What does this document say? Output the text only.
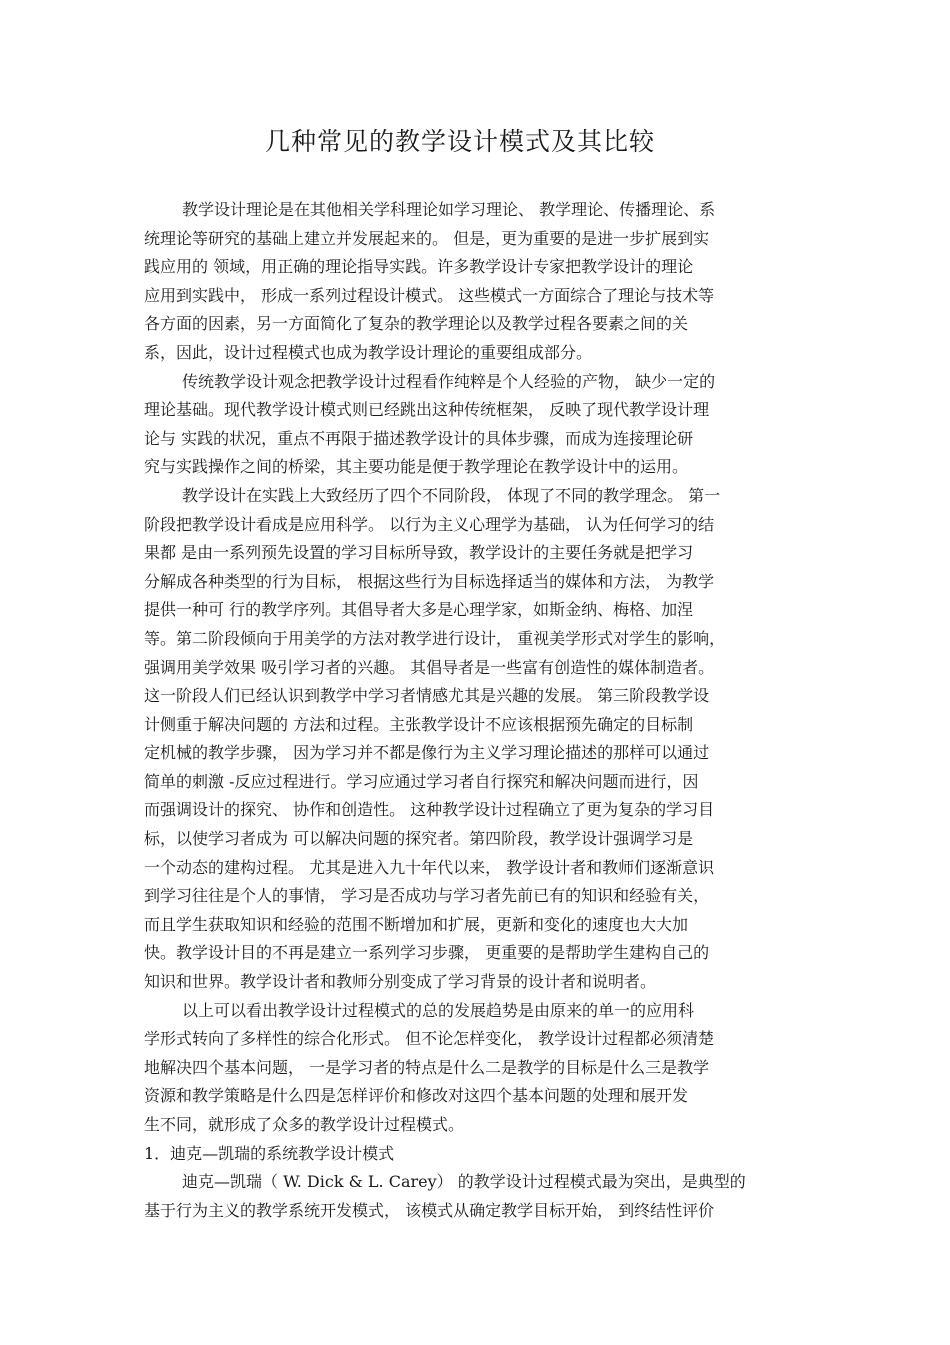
几种常见的教学设计模式及其比较
教学设计理论是在其他相关学科理论如学习理论、 教学理论、传播理论、系
统理论等研究的基础上建立并发展起来的。 但是，更为重要的是进一步扩展到实
践应用的 领域，用正确的理论指导实践。许多教学设计专家把教学设计的理论
应用到实践中， 形成一系列过程设计模式。 这些模式一方面综合了理论与技术等
各方面的因素，另一方面简化了复杂的教学理论以及教学过程各要素之间的关
系，因此，设计过程模式也成为教学设计理论的重要组成部分。
传统教学设计观念把教学设计过程看作纯粹是个人经验的产物， 缺少一定的
理论基础。现代教学设计模式则已经跳出这种传统框架， 反映了现代教学设计理
论与 实践的状况，重点不再限于描述教学设计的具体步骤，而成为连接理论研
究与实践操作之间的桥梁，其主要功能是便于教学理论在教学设计中的运用。
教学设计在实践上大致经历了四个不同阶段， 体现了不同的教学理念。 第一
阶段把教学设计看成是应用科学。 以行为主义心理学为基础， 认为任何学习的结
果都 是由一系列预先设置的学习目标所导致，教学设计的主要任务就是把学习
分解成各种类型的行为目标， 根据这些行为目标选择适当的媒体和方法， 为教学
提供一种可 行的教学序列。其倡导者大多是心理学家，如斯金纳、梅格、加涅
等。第二阶段倾向于用美学的方法对教学进行设计， 重视美学形式对学生的影响，
强调用美学效果 吸引学习者的兴趣。 其倡导者是一些富有创造性的媒体制造者。
这一阶段人们已经认识到教学中学习者情感尤其是兴趣的发展。 第三阶段教学设
计侧重于解决问题的 方法和过程。主张教学设计不应该根据预先确定的目标制
定机械的教学步骤， 因为学习并不都是像行为主义学习理论描述的那样可以通过
简单的刺激 -反应过程进行。学习应通过学习者自行探究和解决问题而进行，因
而强调设计的探究、 协作和创造性。 这种教学设计过程确立了更为复杂的学习目
标，以使学习者成为 可以解决问题的探究者。第四阶段，教学设计强调学习是
一个动态的建构过程。 尤其是进入九十年代以来， 教学设计者和教师们逐渐意识
到学习往往是个人的事情， 学习是否成功与学习者先前已有的知识和经验有关，
而且学生获取知识和经验的范围不断增加和扩展，更新和变化的速度也大大加
快。教学设计目的不再是建立一系列学习步骤， 更重要的是帮助学生建构自己的
知识和世界。教学设计者和教师分别变成了学习背景的设计者和说明者。
以上可以看出教学设计过程模式的总的发展趋势是由原来的单一的应用科
学形式转向了多样性的综合化形式。 但不论怎样变化， 教学设计过程都必须清楚
地解决四个基本问题， 一是学习者的特点是什么二是教学的目标是什么三是教学
资源和教学策略是什么四是怎样评价和修改对这四个基本问题的处理和展开发
生不同，就形成了众多的教学设计过程模式。
1．迪克—凯瑞的系统教学设计模式
迪克—凯瑞（ W. Dick & L. Carey） 的教学设计过程模式最为突出，是典型的
基于行为主义的教学系统开发模式， 该模式从确定教学目标开始， 到终结性评价
